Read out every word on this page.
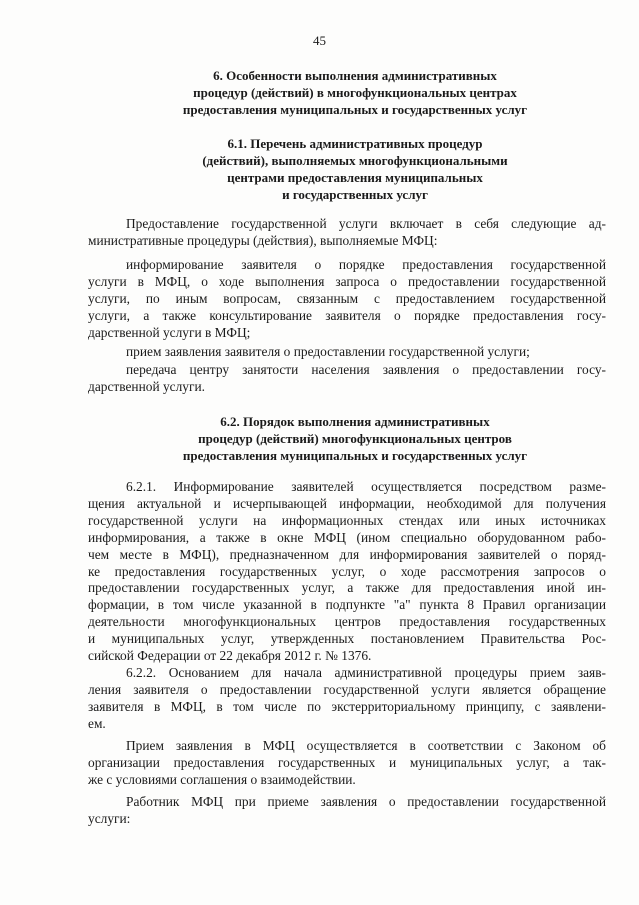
45
6. Особенности выполнения административных
процедур (действий) в многофункциональных центрах
предоставления муниципальных и государственных услуг
6.1. Перечень административных процедур
(действий), выполняемых многофункциональными
центрами предоставления муниципальных
и государственных услуг
Предоставление государственной услуги включает в себя следующие ад-
министративные процедуры (действия), выполняемые МФЦ:
информирование заявителя о порядке предоставления государственной
услуги в МФЦ, о ходе выполнения запроса о предоставлении государственной
услуги, по иным вопросам, связанным с предоставлением государственной
услуги, а также консультирование заявителя о порядке предоставления госу-
дарственной услуги в МФЦ;
прием заявления заявителя о предоставлении государственной услуги;
передача центру занятости населения заявления о предоставлении госу-
дарственной услуги.
6.2. Порядок выполнения административных
процедур (действий) многофункциональных центров
предоставления муниципальных и государственных услуг
6.2.1. Информирование заявителей осуществляется посредством разме-
щения актуальной и исчерпывающей информации, необходимой для получения
государственной услуги на информационных стендах или иных источниках
информирования, а также в окне МФЦ (ином специально оборудованном рабо-
чем месте в МФЦ), предназначенном для информирования заявителей о поряд-
ке предоставления государственных услуг, о ходе рассмотрения запросов о
предоставлении государственных услуг, а также для предоставления иной ин-
формации, в том числе указанной в подпункте "а" пункта 8 Правил организации
деятельности многофункциональных центров предоставления государственных
и муниципальных услуг, утвержденных постановлением Правительства Рос-
сийской Федерации от 22 декабря 2012 г. № 1376.
6.2.2. Основанием для начала административной процедуры прием заяв-
ления заявителя о предоставлении государственной услуги является обращение
заявителя в МФЦ, в том числе по экстерриториальному принципу, с заявлени-
ем.
Прием заявления в МФЦ осуществляется в соответствии с Законом об
организации предоставления государственных и муниципальных услуг, а так-
же с условиями соглашения о взаимодействии.
Работник МФЦ при приеме заявления о предоставлении государственной
услуги:
